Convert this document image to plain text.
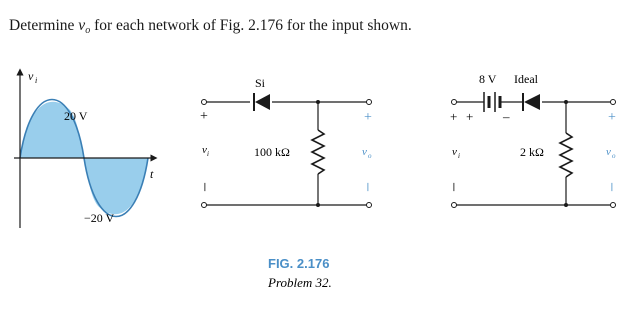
Determine $v_o$ for each network of Fig. 2.176 for the input shown.
v i
t
20 V
−20 V
Si
100 kΩ
+
v i
–
+
v o
–
8 V
+ –
Ideal
2 kΩ
+
v i
–
+
v o
–
FIG. 2.176
Problem 32.
